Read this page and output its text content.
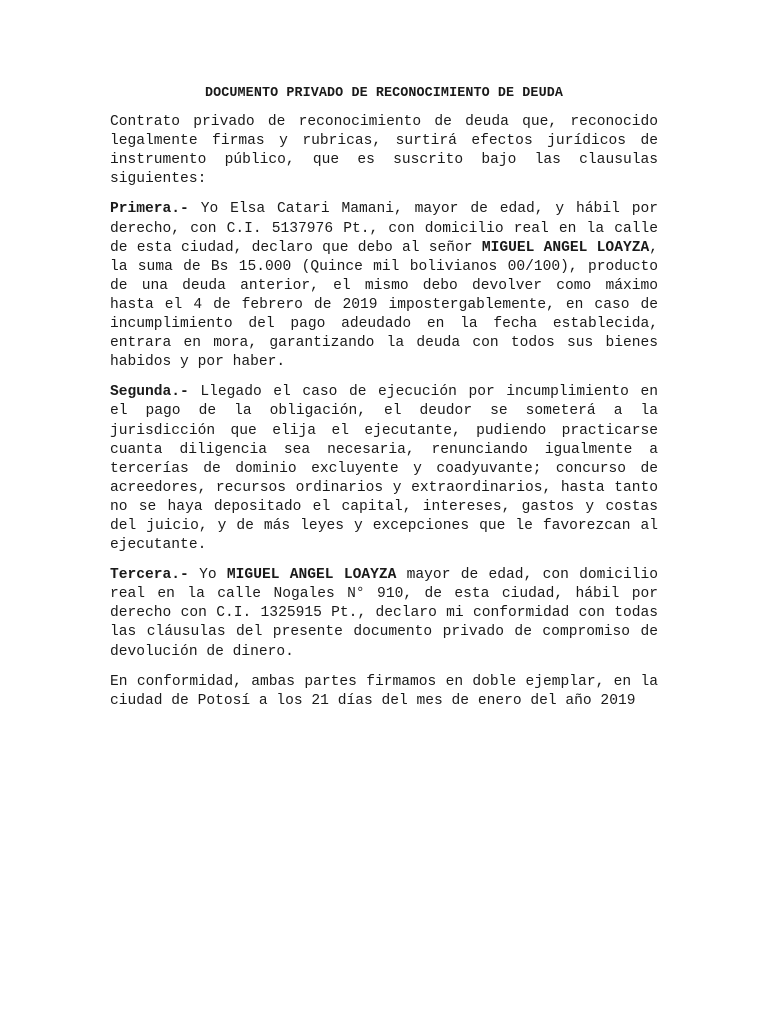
DOCUMENTO PRIVADO DE RECONOCIMIENTO DE DEUDA

Contrato privado de reconocimiento de deuda que, reconocido legalmente firmas y rubricas, surtirá efectos jurídicos de instrumento público, que es suscrito bajo las clausulas siguientes:

Primera.- Yo Elsa Catari Mamani, mayor de edad, y hábil por derecho, con C.I. 5137976 Pt., con domicilio real en la calle de esta ciudad, declaro que debo al señor MIGUEL ANGEL LOAYZA, la suma de Bs 15.000 (Quince mil bolivianos 00/100), producto de una deuda anterior, el mismo debo devolver como máximo hasta el 4 de febrero de 2019 impostergablemente, en caso de incumplimiento del pago adeudado en la fecha establecida, entrara en mora, garantizando la deuda con todos sus bienes habidos y por haber.

Segunda.- Llegado el caso de ejecución por incumplimiento en el pago de la obligación, el deudor se someterá a la jurisdicción que elija el ejecutante, pudiendo practicarse cuanta diligencia sea necesaria, renunciando igualmente a tercerías de dominio excluyente y coadyuvante; concurso de acreedores, recursos ordinarios y extraordinarios, hasta tanto no se haya depositado el capital, intereses, gastos y costas del juicio, y de más leyes y excepciones que le favorezcan al ejecutante.

Tercera.- Yo MIGUEL ANGEL LOAYZA mayor de edad, con domicilio real en la calle Nogales N° 910, de esta ciudad, hábil por derecho con C.I. 1325915 Pt., declaro mi conformidad con todas las cláusulas del presente documento privado de compromiso de devolución de dinero.

En conformidad, ambas partes firmamos en doble ejemplar, en la ciudad de Potosí a los 21 días del mes de enero del año 2019
